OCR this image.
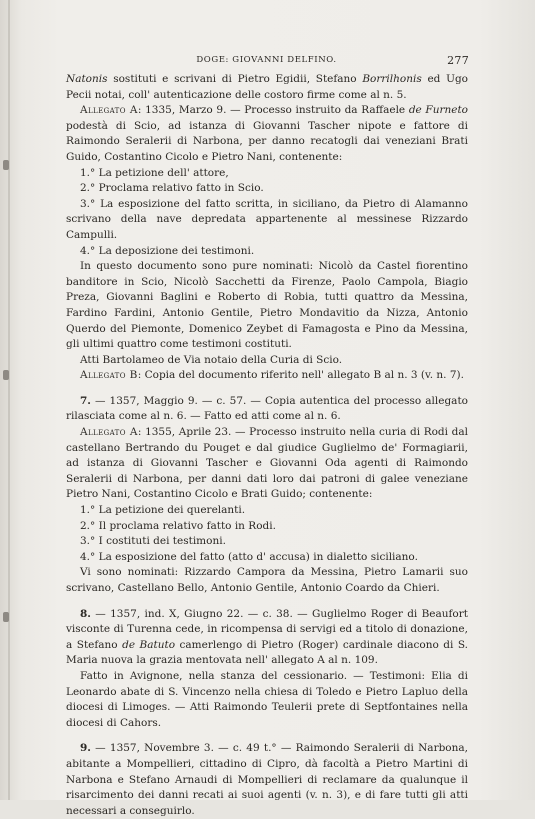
DOGE: GIOVANNI DELFINO.	277

Natonis sostituti e scrivani di Pietro Egidii, Stefano Borrilhonis ed Ugo Pecii notai, coll' autenticazione delle costoro firme come al n. 5.

Allegato A: 1335, Marzo 9. — Processo instruito da Raffaele de Furneto podestà di Scio, ad istanza di Giovanni Tascher nipote e fattore di Raimondo Seralerii di Narbona, per danno recatogli dai veneziani Brati Guido, Costantino Cicolo e Pietro Nani, contenente:

1.° La petizione dell' attore,

2.° Proclama relativo fatto in Scio.

3.° La esposizione del fatto scritta, in siciliano, da Pietro di Alamanno scrivano della nave depredata appartenente al messinese Rizzardo Campulli.

4.° La deposizione dei testimoni.

In questo documento sono pure nominati: Nicolò da Castel fiorentino banditore in Scio, Nicolò Sacchetti da Firenze, Paolo Campola, Biagio Preza, Giovanni Baglini e Roberto di Robia, tutti quattro da Messina, Fardino Fardini, Antonio Gentile, Pietro Mondavitio da Nizza, Antonio Querdo del Piemonte, Domenico Zeybet di Famagosta e Pino da Messina, gli ultimi quattro come testimoni costituti.

Atti Bartolameo de Via notaio della Curia di Scio.

Allegato B: Copia del documento riferito nell' allegato B al n. 3 (v. n. 7).

7. — 1357, Maggio 9. — c. 57. — Copia autentica del processo allegato rilasciata come al n. 6. — Fatto ed atti come al n. 6.

Allegato A: 1355, Aprile 23. — Processo instruito nella curia di Rodi dal castellano Bertrando du Pouget e dal giudice Guglielmo de' Formagiarii, ad istanza di Giovanni Tascher e Giovanni Oda agenti di Raimondo Seralerii di Narbona, per danni dati loro dai patroni di galee veneziane Pietro Nani, Costantino Cicolo e Brati Guido; contenente:

1.° La petizione dei querelanti.

2.° Il proclama relativo fatto in Rodi.

3.° I costituti dei testimoni.

4.° La esposizione del fatto (atto d' accusa) in dialetto siciliano.

Vi sono nominati: Rizzardo Campora da Messina, Pietro Lamarii suo scrivano, Castellano Bello, Antonio Gentile, Antonio Coardo da Chieri.

8. — 1357, ind. X, Giugno 22. — c. 38. — Guglielmo Roger di Beaufort visconte di Turenna cede, in ricompensa di servigi ed a titolo di donazione, a Stefano de Batuto camerlengo di Pietro (Roger) cardinale diacono di S. Maria nuova la grazia mentovata nell' allegato A al n. 109.

Fatto in Avignone, nella stanza del cessionario. — Testimoni: Elia di Leonardo abate di S. Vincenzo nella chiesa di Toledo e Pietro Lapluo della diocesi di Limoges. — Atti Raimondo Teulerii prete di Septfontaines nella diocesi di Cahors.

9. — 1357, Novembre 3. — c. 49 t.° — Raimondo Seralerii di Narbona, abitante a Mompellieri, cittadino di Cipro, dà facoltà a Pietro Martini di Narbona e Stefano Arnaudi di Mompellieri di reclamare da qualunque il risarcimento dei danni recati ai suoi agenti (v. n. 3), e di fare tutti gli atti necessari a conseguirlo.
